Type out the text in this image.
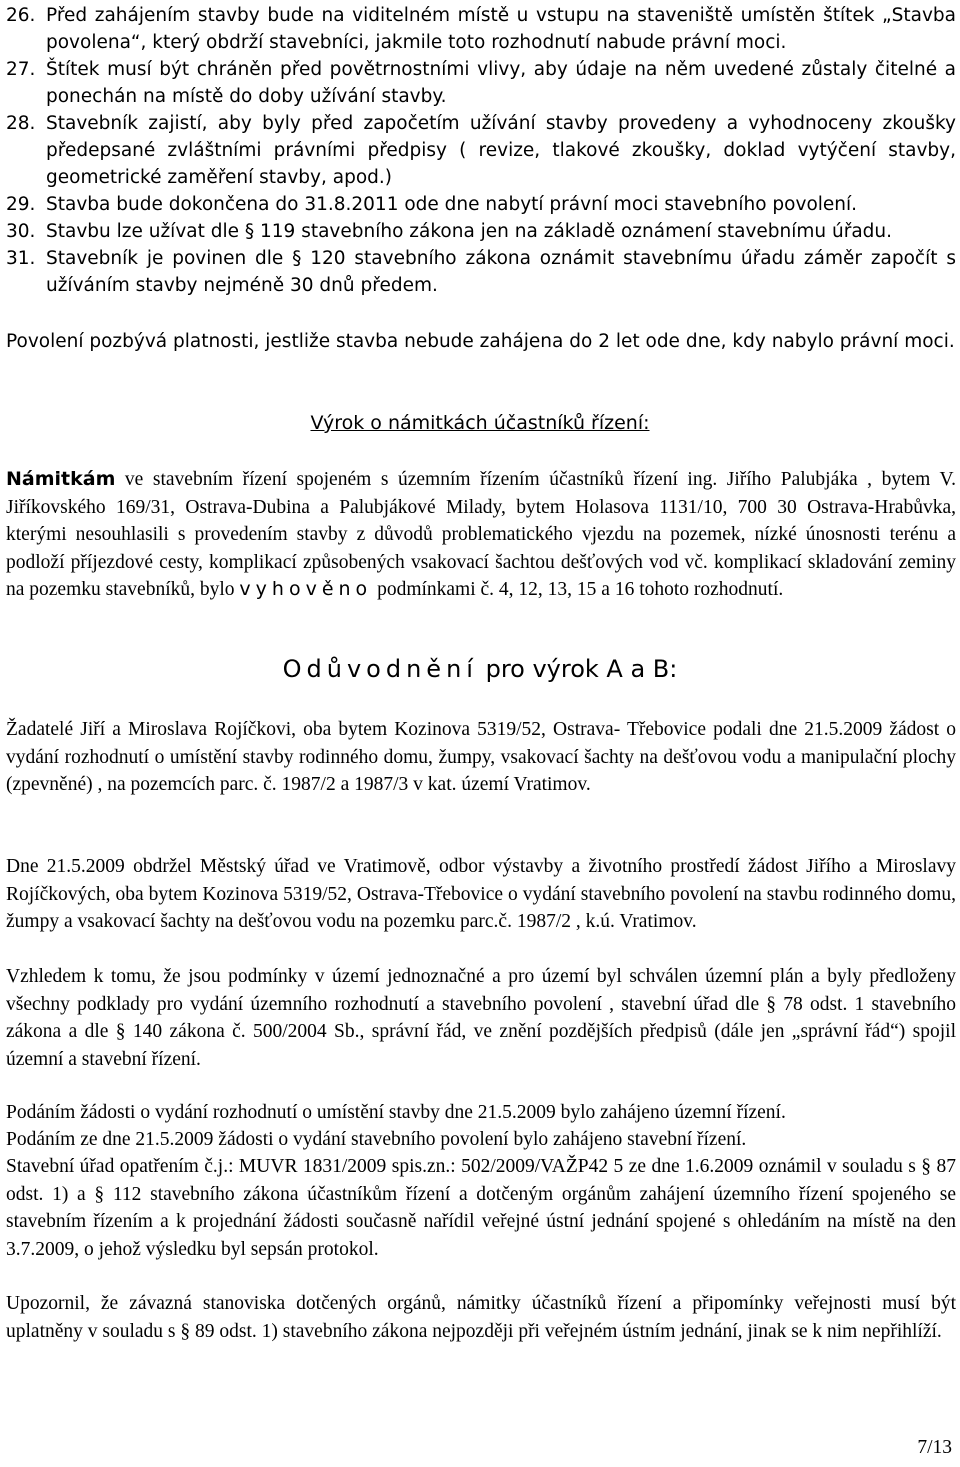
26. Před zahájením stavby bude na viditelném místě u vstupu na staveniště umístěn štítek „Stavba povolena“, který obdrží stavebníci, jakmile toto rozhodnutí nabude právní moci.
27. Štítek musí být chráněn před povětrnostními vlivy, aby údaje na něm uvedené zůstaly čitelné a ponechán na místě do doby užívání stavby.
28. Stavebník zajistí, aby byly před započetím užívání stavby provedeny a vyhodnoceny zkoušky předepsané zvláštními právními předpisy ( revize, tlakové zkoušky, doklad vytýčení stavby, geometrické zaměření stavby, apod.)
29. Stavba bude dokončena do 31.8.2011 ode dne nabytí právní moci stavebního povolení.
30. Stavbu lze užívat dle § 119 stavebního zákona jen na základě oznámení stavebnímu úřadu.
31. Stavebník je povinen dle § 120 stavebního zákona oznámit stavebnímu úřadu záměr započít s užíváním stavby nejméně 30 dnů předem.

Povolení pozbývá platnosti, jestliže stavba nebude zahájena do 2 let ode dne, kdy nabylo právní moci.

Výrok o námitkách účastníků řízení:

Námitkám ve stavebním řízení spojeném s územním řízením účastníků řízení ing. Jiřího Palubjáka , bytem V. Jiříkovského 169/31, Ostrava-Dubina a Palubjákové Milady, bytem Holasova 1131/10, 700 30 Ostrava-Hrabůvka, kterými nesouhlasili s provedením stavby z důvodů problematického vjezdu na pozemek, nízké únosnosti terénu a podloží příjezdové cesty, komplikací způsobených vsakovací šachtou dešťových vod vč. komplikací skladování zeminy na pozemku stavebníků, bylo vyhověno podmínkami č. 4, 12, 13, 15 a 16 tohoto rozhodnutí.

Odůvodnění pro výrok A a B:

Žadatelé Jiří a Miroslava Rojíčkovi, oba bytem Kozinova 5319/52, Ostrava- Třebovice podali dne 21.5.2009 žádost o vydání rozhodnutí o umístění stavby rodinného domu, žumpy, vsakovací šachty na dešťovou vodu a manipulační plochy (zpevněné) , na pozemcích parc. č. 1987/2 a 1987/3 v kat. území Vratimov.

Dne 21.5.2009 obdržel Městský úřad ve Vratimově, odbor výstavby a životního prostředí žádost Jiřího a Miroslavy Rojíčkových, oba bytem Kozinova 5319/52, Ostrava-Třebovice o vydání stavebního povolení na stavbu rodinného domu, žumpy a vsakovací šachty na dešťovou vodu na pozemku parc.č. 1987/2 , k.ú. Vratimov.

Vzhledem k tomu, že jsou podmínky v území jednoznačné a pro území byl schválen územní plán a byly předloženy všechny podklady pro vydání územního rozhodnutí a stavebního povolení , stavební úřad dle § 78 odst. 1 stavebního zákona a dle § 140 zákona č. 500/2004 Sb., správní řád, ve znění pozdějších předpisů (dále jen „správní řád“) spojil územní a stavební řízení.

Podáním žádosti o vydání rozhodnutí o umístění stavby dne 21.5.2009 bylo zahájeno územní řízení.

Podáním ze dne 21.5.2009 žádosti o vydání stavebního povolení bylo zahájeno stavební řízení.

Stavební úřad opatřením č.j.: MUVR 1831/2009 spis.zn.: 502/2009/VAŽP42 5 ze dne 1.6.2009 oznámil v souladu s § 87 odst. 1) a § 112 stavebního zákona účastníkům řízení a dotčeným orgánům zahájení územního řízení spojeného se stavebním řízením a k projednání žádosti současně nařídil veřejné ústní jednání spojené s ohledáním na místě na den 3.7.2009, o jehož výsledku byl sepsán protokol.

Upozornil, že závazná stanoviska dotčených orgánů, námitky účastníků řízení a připomínky veřejnosti musí být uplatněny v souladu s § 89 odst. 1) stavebního zákona nejpozději při veřejném ústním jednání, jinak se k nim nepřihlíží.

7/13
